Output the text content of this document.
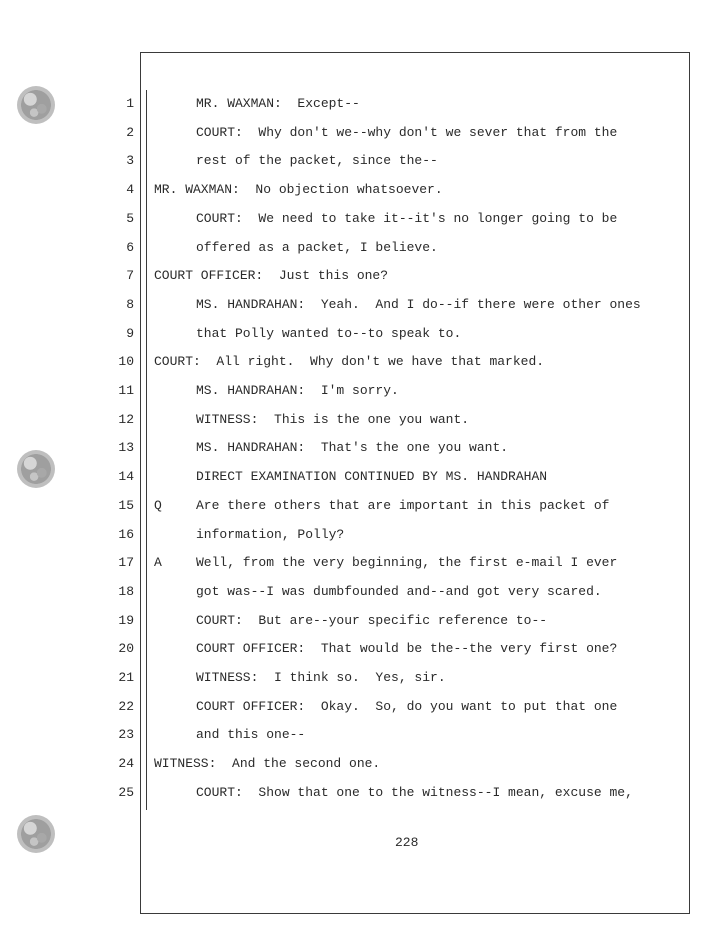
1	MR. WAXMAN:  Except--
2	COURT:  Why don't we--why don't we sever that from the
3	rest of the packet, since the--
4 MR. WAXMAN:  No objection whatsoever.
5	COURT:  We need to take it--it's no longer going to be
6	offered as a packet, I believe.
7 COURT OFFICER:  Just this one?
8	MS. HANDRAHAN:  Yeah.  And I do--if there were other ones
9	that Polly wanted to--to speak to.
10 COURT:  All right.  Why don't we have that marked.
11	MS. HANDRAHAN:  I'm sorry.
12	WITNESS:  This is the one you want.
13	MS. HANDRAHAN:  That's the one you want.
14	DIRECT EXAMINATION CONTINUED BY MS. HANDRAHAN
15 Q	Are there others that are important in this packet of
16	information, Polly?
17 A	Well, from the very beginning, the first e-mail I ever
18	got was--I was dumbfounded and--and got very scared.
19	COURT:  But are--your specific reference to--
20	COURT OFFICER:  That would be the--the very first one?
21	WITNESS:  I think so.  Yes, sir.
22	COURT OFFICER:  Okay.  So, do you want to put that one
23	and this one--
24 WITNESS:  And the second one.
25	COURT:  Show that one to the witness--I mean, excuse me,
228
